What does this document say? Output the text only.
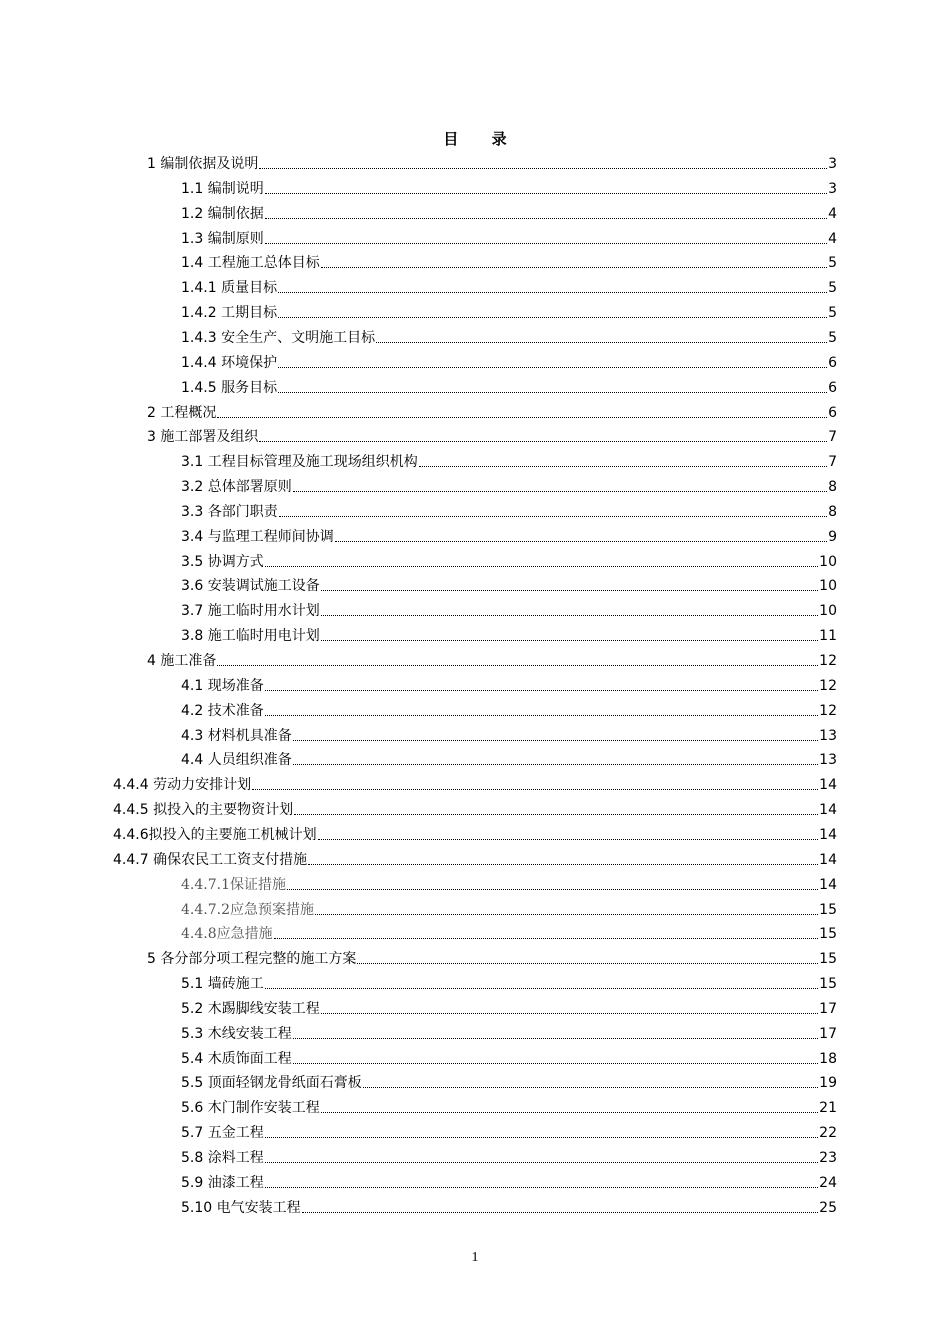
目 录
1 编制依据及说明	3
1.1 编制说明	3
1.2 编制依据	4
1.3 编制原则	4
1.4 工程施工总体目标	5
1.4.1 质量目标	5
1.4.2 工期目标	5
1.4.3 安全生产、文明施工目标	5
1.4.4 环境保护	6
1.4.5 服务目标	6
2 工程概况	6
3 施工部署及组织	7
3.1 工程目标管理及施工现场组织机构	7
3.2 总体部署原则	8
3.3 各部门职责	8
3.4 与监理工程师间协调	9
3.5 协调方式	10
3.6 安装调试施工设备	10
3.7 施工临时用水计划	10
3.8 施工临时用电计划	11
4 施工准备	12
4.1 现场准备	12
4.2 技术准备	12
4.3 材料机具准备	13
4.4 人员组织准备	13
4.4.4 劳动力安排计划	14
4.4.5 拟投入的主要物资计划	14
4.4.6拟投入的主要施工机械计划	14
4.4.7 确保农民工工资支付措施	14
4.4.7.1保证措施	14
4.4.7.2应急预案措施	15
4.4.8应急措施	15
5 各分部分项工程完整的施工方案	15
5.1 墙砖施工	15
5.2 木踢脚线安装工程	17
5.3 木线安装工程	17
5.4 木质饰面工程	18
5.5 顶面轻钢龙骨纸面石膏板	19
5.6 木门制作安装工程	21
5.7 五金工程	22
5.8 涂料工程	23
5.9 油漆工程	24
5.10 电气安装工程	25
1
